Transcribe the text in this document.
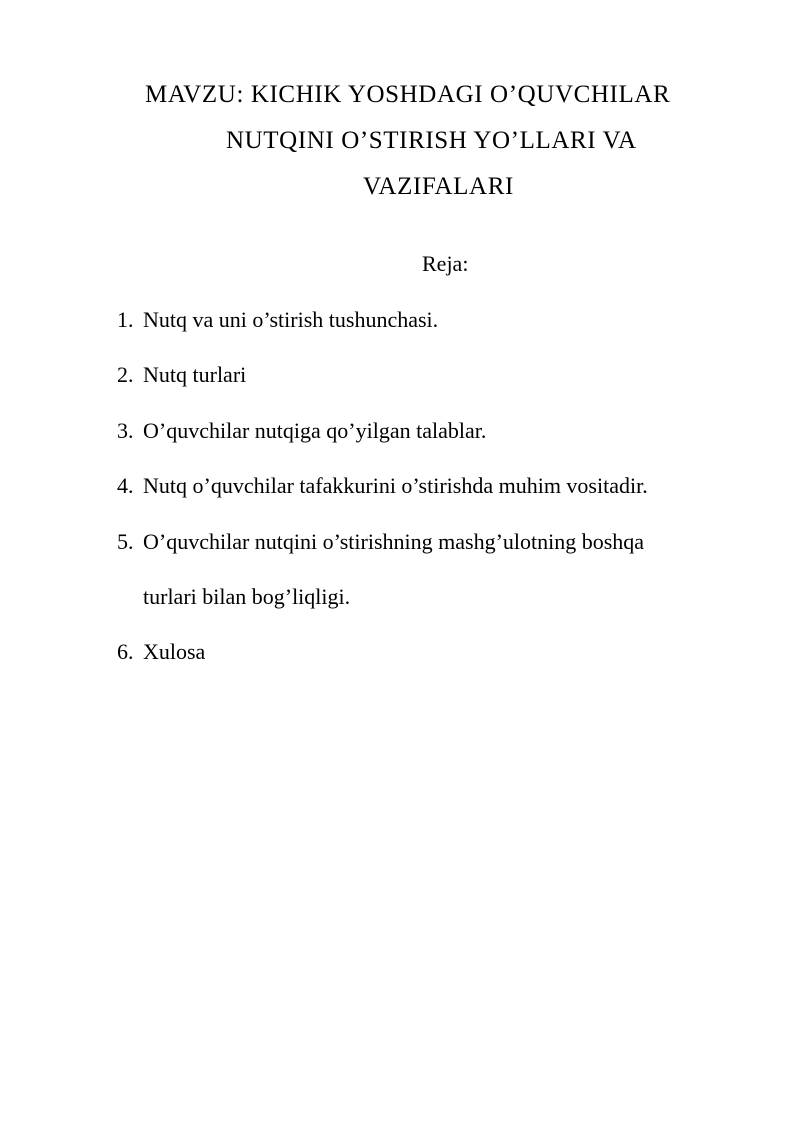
MAVZU: KICHIK YOSHDAGI O’QUVCHILAR
NUTQINI O’STIRISH YO’LLARI VA
VAZIFALARI
Reja:
1. Nutq va uni o’stirish tushunchasi.
2. Nutq turlari
3. O’quvchilar nutqiga qo’yilgan talablar.
4. Nutq o’quvchilar tafakkurini o’stirishda muhim vositadir.
5. O’quvchilar nutqini o’stirishning mashg’ulotning boshqa
turlari bilan bog’liqligi.
6. Xulosa
